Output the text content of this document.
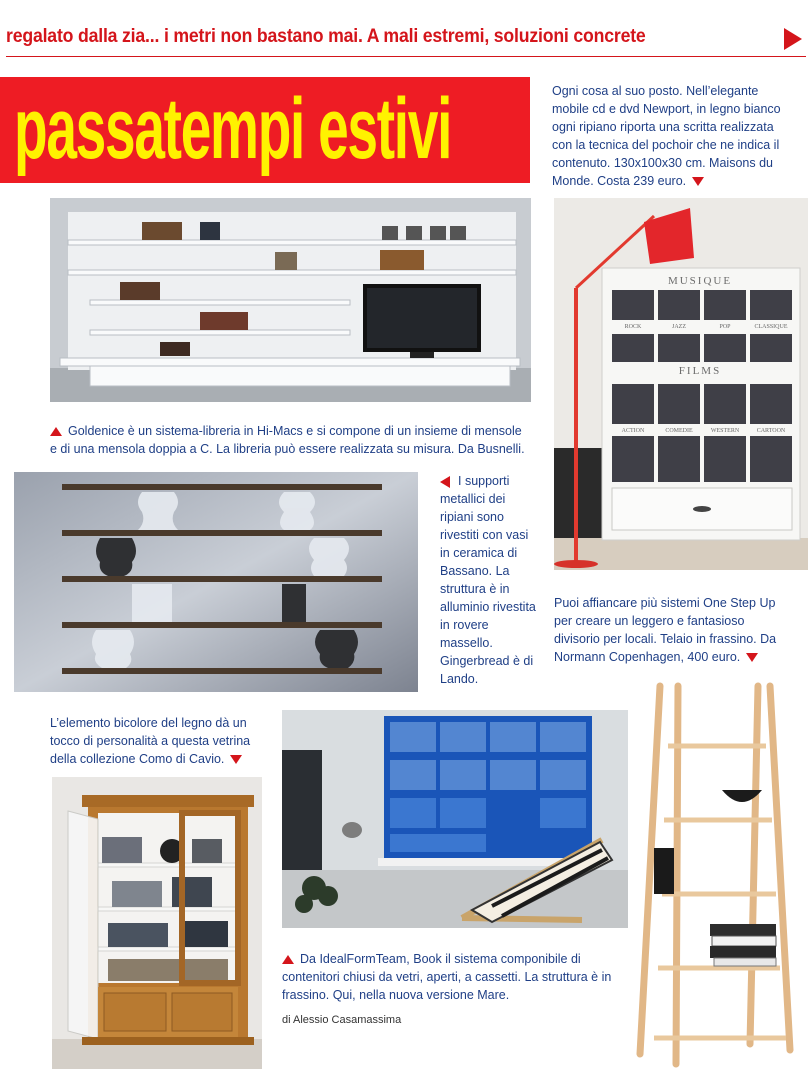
regalato dalla zia... i metri non bastano mai. A mali estremi, soluzioni concrete
passatempi estivi	Ogni cosa al suo posto. Nell’elegante mobile cd e dvd Newport, in legno bianco ogni ripiano riporta una scritta realizzata con la tecnica del pochoir che ne indica il contenuto. 130x100x30 cm. Maisons du Monde. Costa 239 euro.

Goldenice è un sistema-libreria in Hi-Macs e si compone di un insieme di mensole e di una mensola doppia a C. La libreria può essere realizzata su misura. Da Busnelli.

MUSIQUE
ROCK	JAZZ	POP	CLASSIQUE
FILMS
ACTION	COMEDIE	WESTERN	CARTOON

I supporti metallici dei ripiani sono rivestiti con vasi in ceramica di Bassano. La struttura è in alluminio rivestita in rovere massello. Gingerbread è di Lando.

Puoi affiancare più sistemi One Step Up per creare un leggero e fantasioso divisorio per locali. Telaio in frassino. Da Normann Copenhagen, 400 euro.

L’elemento bicolore del legno dà un tocco di personalità a questa vetrina della collezione Como di Cavio.

Da IdealFormTeam, Book il sistema componibile di contenitori chiusi da vetri, aperti, a cassetti. La struttura è in frassino. Qui, nella nuova versione Mare.

di Alessio Casamassima
